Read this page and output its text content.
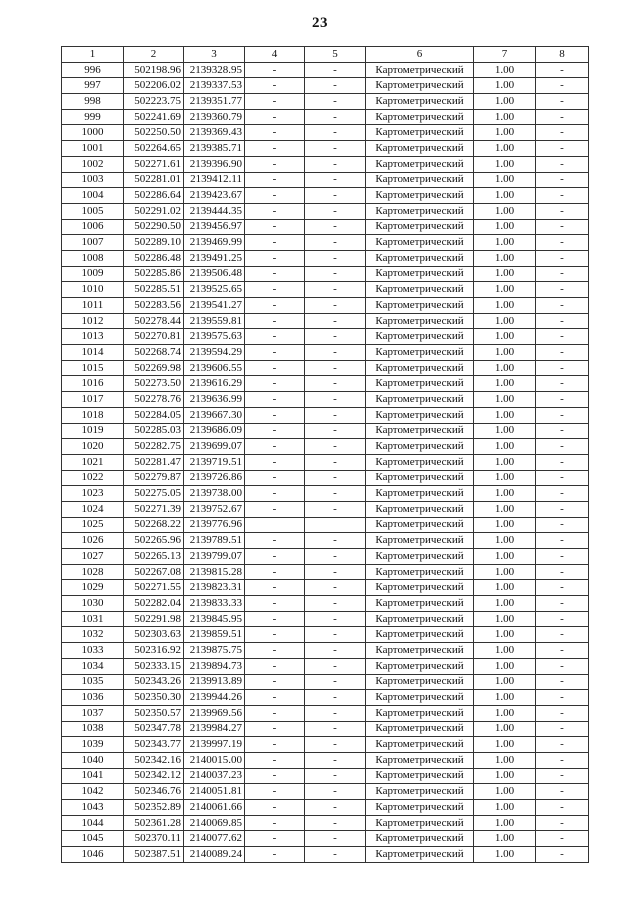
23
1	2	3	4	5	6	7	8
996	502198.96	2139328.95	-	-	Картометрический	1.00	-
997	502206.02	2139337.53	-	-	Картометрический	1.00	-
998	502223.75	2139351.77	-	-	Картометрический	1.00	-
999	502241.69	2139360.79	-	-	Картометрический	1.00	-
1000	502250.50	2139369.43	-	-	Картометрический	1.00	-
1001	502264.65	2139385.71	-	-	Картометрический	1.00	-
1002	502271.61	2139396.90	-	-	Картометрический	1.00	-
1003	502281.01	2139412.11	-	-	Картометрический	1.00	-
1004	502286.64	2139423.67	-	-	Картометрический	1.00	-
1005	502291.02	2139444.35	-	-	Картометрический	1.00	-
1006	502290.50	2139456.97	-	-	Картометрический	1.00	-
1007	502289.10	2139469.99	-	-	Картометрический	1.00	-
1008	502286.48	2139491.25	-	-	Картометрический	1.00	-
1009	502285.86	2139506.48	-	-	Картометрический	1.00	-
1010	502285.51	2139525.65	-	-	Картометрический	1.00	-
1011	502283.56	2139541.27	-	-	Картометрический	1.00	-
1012	502278.44	2139559.81	-	-	Картометрический	1.00	-
1013	502270.81	2139575.63	-	-	Картометрический	1.00	-
1014	502268.74	2139594.29	-	-	Картометрический	1.00	-
1015	502269.98	2139606.55	-	-	Картометрический	1.00	-
1016	502273.50	2139616.29	-	-	Картометрический	1.00	-
1017	502278.76	2139636.99	-	-	Картометрический	1.00	-
1018	502284.05	2139667.30	-	-	Картометрический	1.00	-
1019	502285.03	2139686.09	-	-	Картометрический	1.00	-
1020	502282.75	2139699.07	-	-	Картометрический	1.00	-
1021	502281.47	2139719.51	-	-	Картометрический	1.00	-
1022	502279.87	2139726.86	-	-	Картометрический	1.00	-
1023	502275.05	2139738.00	-	-	Картометрический	1.00	-
1024	502271.39	2139752.67	-	-	Картометрический	1.00	-
1025	502268.22	2139776.96			Картометрический	1.00	-
1026	502265.96	2139789.51	-	-	Картометрический	1.00	-
1027	502265.13	2139799.07	-	-	Картометрический	1.00	-
1028	502267.08	2139815.28	-	-	Картометрический	1.00	-
1029	502271.55	2139823.31	-	-	Картометрический	1.00	-
1030	502282.04	2139833.33	-	-	Картометрический	1.00	-
1031	502291.98	2139845.95	-	-	Картометрический	1.00	-
1032	502303.63	2139859.51	-	-	Картометрический	1.00	-
1033	502316.92	2139875.75	-	-	Картометрический	1.00	-
1034	502333.15	2139894.73	-	-	Картометрический	1.00	-
1035	502343.26	2139913.89	-	-	Картометрический	1.00	-
1036	502350.30	2139944.26	-	-	Картометрический	1.00	-
1037	502350.57	2139969.56	-	-	Картометрический	1.00	-
1038	502347.78	2139984.27	-	-	Картометрический	1.00	-
1039	502343.77	2139997.19	-	-	Картометрический	1.00	-
1040	502342.16	2140015.00	-	-	Картометрический	1.00	-
1041	502342.12	2140037.23	-	-	Картометрический	1.00	-
1042	502346.76	2140051.81	-	-	Картометрический	1.00	-
1043	502352.89	2140061.66	-	-	Картометрический	1.00	-
1044	502361.28	2140069.85	-	-	Картометрический	1.00	-
1045	502370.11	2140077.62	-	-	Картометрический	1.00	-
1046	502387.51	2140089.24	-	-	Картометрический	1.00	-
